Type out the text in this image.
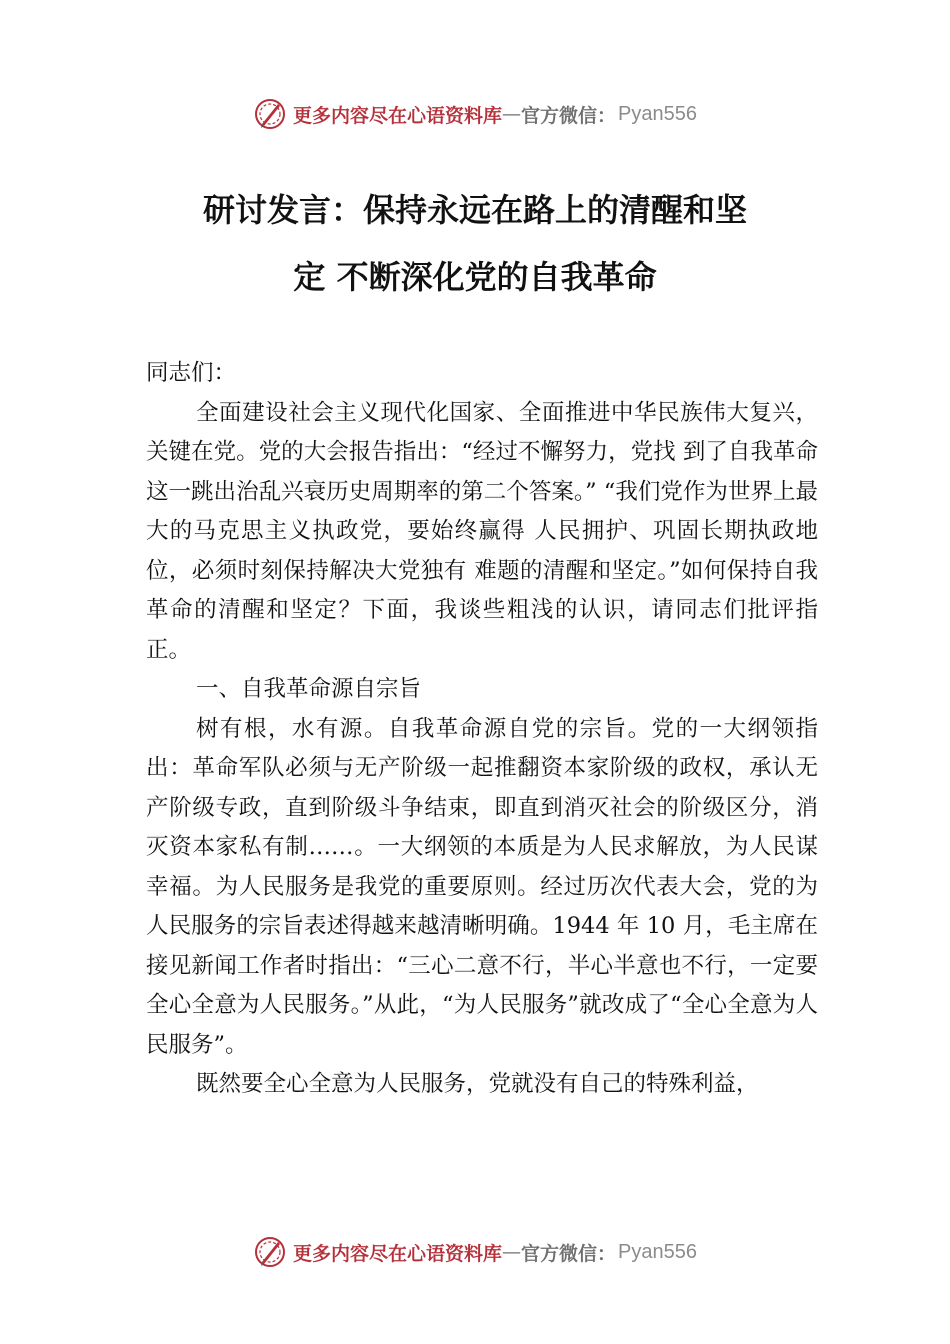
更多内容尽在心语资料库 — 官方微信： Pyan556
研讨发言：保持永远在路上的清醒和坚
定 不断深化党的自我革命

同志们：

全面建设社会主义现代化国家、全面推进中华民族伟大复兴，关键在党。党的大会报告指出：“经过不懈努力，党找 到了自我革命这一跳出治乱兴衰历史周期率的第二个答案。” “我们党作为世界上最大的马克思主义执政党，要始终赢得 人民拥护、巩固长期执政地位，必须时刻保持解决大党独有 难题的清醒和坚定。”如何保持自我革命的清醒和坚定？下面，我谈些粗浅的认识，请同志们批评指正。

一、自我革命源自宗旨

树有根，水有源。自我革命源自党的宗旨。党的一大纲领指出：革命军队必须与无产阶级一起推翻资本家阶级的政权，承认无产阶级专政，直到阶级斗争结束，即直到消灭社会的阶级区分，消灭资本家私有制……。一大纲领的本质是为人民求解放，为人民谋幸福。为人民服务是我党的重要原则。经过历次代表大会，党的为人民服务的宗旨表述得越来越清晰明确。1944 年 10 月，毛主席在接见新闻工作者时指出：“三心二意不行，半心半意也不行，一定要全心全意为人民服务。”从此，“为人民服务”就改成了“全心全意为人民服务”。

既然要全心全意为人民服务，党就没有自己的特殊利益，

更多内容尽在心语资料库 — 官方微信： Pyan556
